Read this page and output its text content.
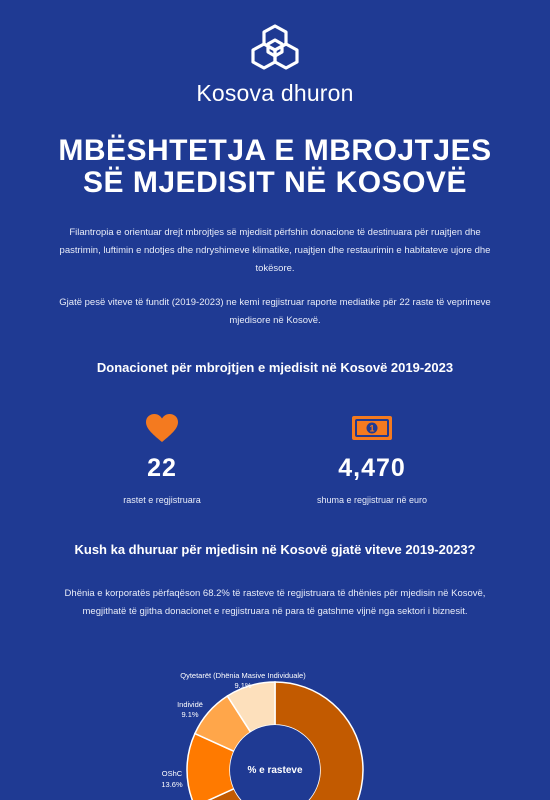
Kosova dhuron
MBËSHTETJA E MBROJTJES
SË MJEDISIT NË KOSOVË
Filantropia e orientuar drejt mbrojtjes së mjedisit përfshin donacione të destinuara për ruajtjen dhe pastrimin, luftimin e ndotjes dhe ndryshimeve klimatike, ruajtjen dhe restaurimin e habitateve ujore dhe tokësore.
Gjatë pesë viteve të fundit (2019-2023) ne kemi regjistruar raporte mediatike për 22 raste të veprimeve mjedisore në Kosovë.
Donacionet për mbrojtjen e mjedisit në Kosovë 2019-2023
22
rastet e regjistruara
1
4,470
shuma e regjistruar në euro
Kush ka dhuruar për mjedisin në Kosovë gjatë viteve 2019-2023?
Dhënia e korporatës përfaqëson 68.2% të rasteve të regjistruara të dhënies për mjedisin në Kosovë, megjithatë të gjitha donacionet e regjistruara në para të gatshme vijnë nga sektori i biznesit.
% e rasteve
Qytetarët (Dhënia Masive Individuale)
9.1%
Individë
9.1%
OShC
13.6%
